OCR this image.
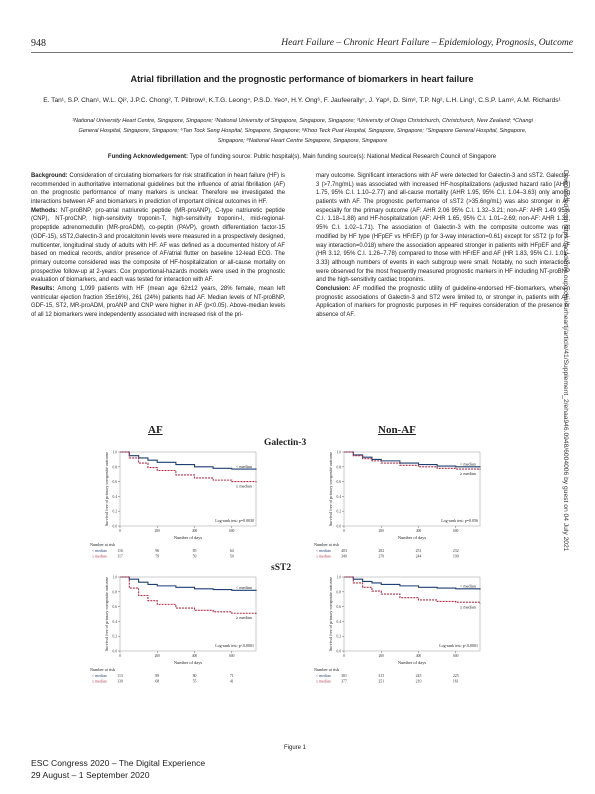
948	Heart Failure – Chronic Heart Failure – Epidemiology, Prognosis, Outcome
Atrial fibrillation and the prognostic performance of biomarkers in heart failure
E. Tan¹, S.P. Chan¹, W.L. Qi², J.P.C. Chong², T. Pilbrow³, K.T.G. Leong⁴, P.S.D. Yeo⁵, H.Y. Ong⁶, F. Jaufeerally⁷, J. Yap⁸, D. Sim⁸, T.P. Ng², L.H. Ling¹, C.S.P. Lam⁸, A.M. Richards¹
¹National University Heart Centre, Singapore, Singapore; ²National University of Singapore, Singapore, Singapore; ³University of Otago Christchurch, Christchurch, New Zealand; ⁴Changi General Hospital, Singapore, Singapore; ⁵Tan Tock Seng Hospital, Singapore, Singapore; ⁶Khoo Teck Puat Hospital, Singapore, Singapore; ⁷Singapore General Hospital, Singapore, Singapore; ⁸National Heart Centre Singapore, Singapore, Singapore
Funding Acknowledgement: Type of funding source: Public hospital(s). Main funding source(s): National Medical Research Council of Singapore

Background: Consideration of circulating biomarkers for risk stratification in heart failure (HF) is recommended in authoritative international guidelines but the influence of atrial fibrillation (AF) on the prognostic performance of many markers is unclear. Therefore we investigated the interactions between AF and biomarkers in prediction of important clinical outcomes in HF.

Methods: NT-proBNP, pro-atrial natriuretic peptide (MR-proANP), C-type natriuretic peptide (CNP), NT-proCNP, high-sensitivity troponin-T, high-sensitivity troponin-I, mid-regional-propeptide adrenomedullin (MR-proADM), co-peptin (PAVP), growth differentiation factor-15 (GDF-15), sST2,Galectin-3 and procalcitonin levels were measured in a prospectively designed, multicenter, longitudinal study of adults with HF. AF was defined as a documented history of AF based on medical records, and/or presence of AF/atrial flutter on baseline 12-lead ECG. The primary outcome considered was the composite of HF-hospitalization or all-cause mortality on prospective follow-up at 2-years. Cox proportional-hazards models were used in the prognostic evaluation of biomarkers, and each was tested for interaction with AF.

Results: Among 1,099 patients with HF (mean age 62±12 years, 28% female, mean left ventricular ejection fraction 35±16%), 261 (24%) patients had AF. Median levels of NT-proBNP, GDF-15, ST2, MR-proADM, proANP and CNP were higher in AF (p<0.05). Above-median levels of all 12 biomarkers were independently associated with increased risk of the pri-

mary outcome. Significant interactions with AF were detected for Galectin-3 and sST2. Galectin-3 (>7.7ng/mL) was associated with increased HF-hospitalizations (adjusted hazard ratio [AHR] 1.75, 95% C.I. 1.10–2.77) and all-cause mortality (AHR 1.95, 95% C.I. 1.04–3.63) only among patients with AF. The prognostic performance of sST2 (>35.6ng/mL) was also stronger in AF especially for the primary outcome (AF: AHR 2.06 95% C.I. 1.32–3.21; non-AF: AHR 1.49 95% C.I. 1.18–1.88) and HF-hospitalization (AF: AHR 1.65, 95% C.I. 1.01–2.69; non-AF: AHR 1.32, 95% C.I. 1.02–1.71). The association of Galectin-3 with the composite outcome was not modified by HF type (HFpEF vs HFrEF) (p for 3-way interaction=0.61) except for sST2 (p for 3-way interaction=0.018) where the association appeared stronger in patients with HFpEF and AF (HR 3.12, 95% C.I. 1.26–7.78) compared to those with HFrEF and AF (HR 1.83, 95% C.I. 1.01–3.33) although numbers of events in each subgroup were small. Notably, no such interactions were observed for the most frequently measured prognostic markers in HF including NT-proBNP and the high-sensitivity cardiac troponins.

Conclusion: AF modified the prognostic utility of guideline-endorsed HF-biomarkers, wherein prognostic associations of Galectin-3 and ST2 were limited to, or stronger in, patients with AF. Application of markers for prognostic purposes in HF requires consideration of the presence or absence of AF.	Downloaded from https://academic.oup.com/eurheartj/article/41/Supplement_2/ehaa946.0948/6004006 by guest on 04 July 2021
AF	Non-AF
Galectin-3
sST2
1.0
0.8
0.6
0.4
0.2
0.0
0	200	400	600
Number of days
Survival free of primary composite outcome	< median
≥ median
Log-rank test: p=0.0030
Number at risk
< median	116	96	85	64
≥ median	117	79	59	50
1.0
0.8
0.6
0.4
0.2
0.0
0	200	400	600
Number of days
Survival free of primary composite outcome	< median
≥ median
Log-rank test: p=0.056
Number at risk
< median	403	282	251	232
≥ median	349	270	244	190
1.0
0.8
0.6
0.4
0.2
0.0
0	200	400	600
Number of days
Survival free of primary composite outcome	< median
≥ median
Log-rank test: p<0.0001
Number at risk
< median	113	89	80	71
≥ median	139	68	55	41
1.0
0.8
0.6
0.4
0.2
0.0
0	200	400	600
Number of days
Survival free of primary composite outcome	< median
≥ median
Log-rank test: p<0.0001
Number at risk
< median	381	315	245	225
≥ median	377	251	210	161
Figure 1
ESC Congress 2020 – The Digital Experience
29 August – 1 September 2020
